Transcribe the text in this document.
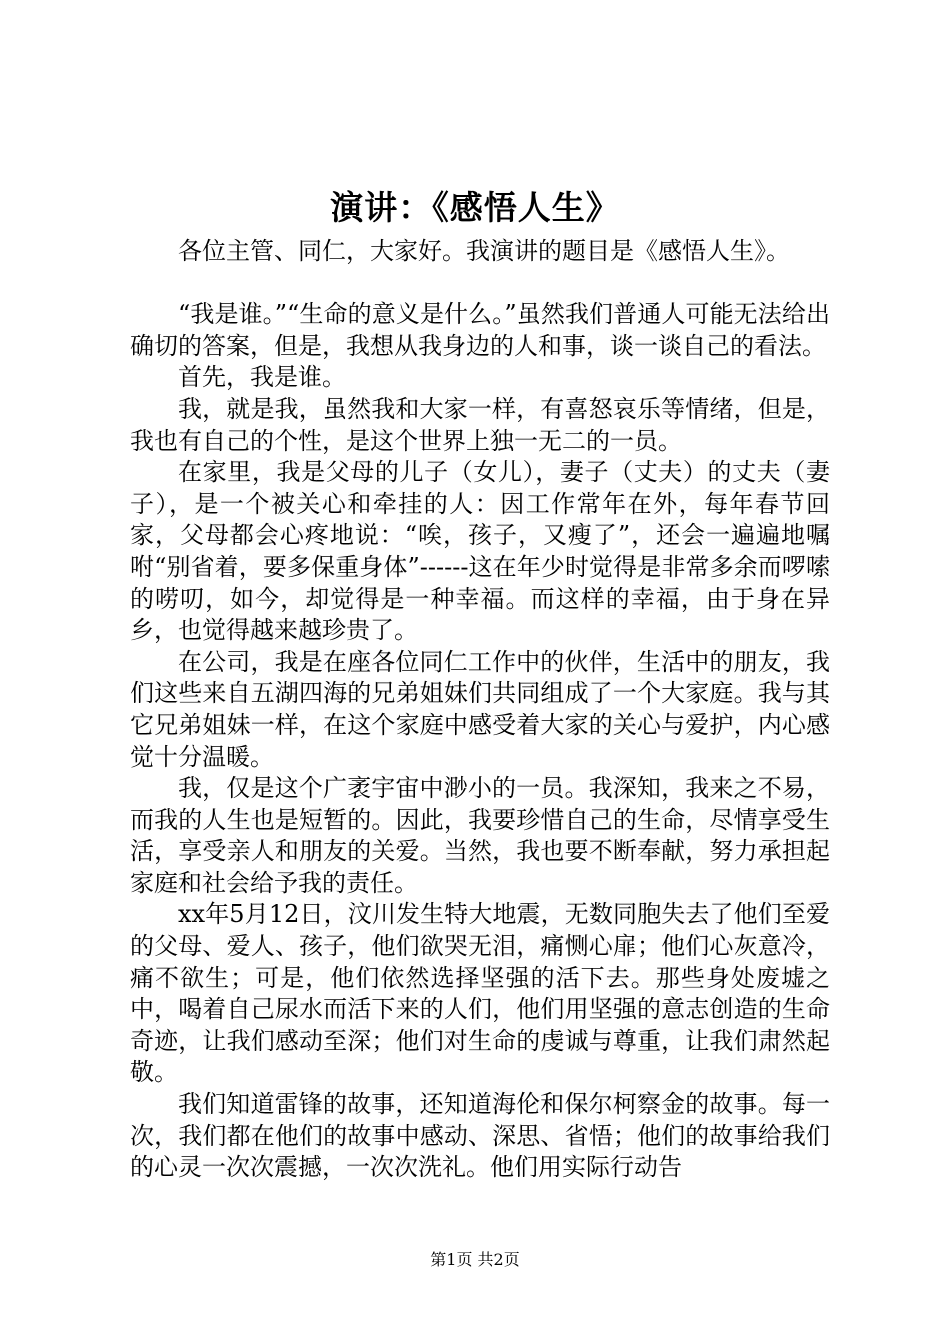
演讲：《感悟人生》

各位主管、同仁，大家好。我演讲的题目是《感悟人生》。

“我是谁。”“生命的意义是什么。”虽然我们普通人可能无法给出确切的答案，但是，我想从我身边的人和事，谈一谈自己的看法。

首先，我是谁。

我，就是我，虽然我和大家一样，有喜怒哀乐等情绪，但是，我也有自己的个性，是这个世界上独一无二的一员。

在家里，我是父母的儿子（女儿），妻子（丈夫）的丈夫（妻子），是一个被关心和牵挂的人：因工作常年在外，每年春节回家，父母都会心疼地说：“唉，孩子，又瘦了”，还会一遍遍地嘱咐“别省着，要多保重身体”------这在年少时觉得是非常多余而啰嗦的唠叨，如今，却觉得是一种幸福。而这样的幸福，由于身在异乡，也觉得越来越珍贵了。

在公司，我是在座各位同仁工作中的伙伴，生活中的朋友，我们这些来自五湖四海的兄弟姐妹们共同组成了一个大家庭。我与其它兄弟姐妹一样，在这个家庭中感受着大家的关心与爱护，内心感觉十分温暖。

我，仅是这个广袤宇宙中渺小的一员。我深知，我来之不易，而我的人生也是短暂的。因此，我要珍惜自己的生命，尽情享受生活，享受亲人和朋友的关爱。当然，我也要不断奉献，努力承担起家庭和社会给予我的责任。

xx年5月12日，汶川发生特大地震，无数同胞失去了他们至爱的父母、爱人、孩子，他们欲哭无泪，痛恻心扉；他们心灰意冷，痛不欲生；可是，他们依然选择坚强的活下去。那些身处废墟之中，喝着自己尿水而活下来的人们，他们用坚强的意志创造的生命奇迹，让我们感动至深；他们对生命的虔诚与尊重，让我们肃然起敬。

我们知道雷锋的故事，还知道海伦和保尔柯察金的故事。每一次，我们都在他们的故事中感动、深思、省悟；他们的故事给我们的心灵一次次震撼，一次次洗礼。他们用实际行动告

第1页 共2页
